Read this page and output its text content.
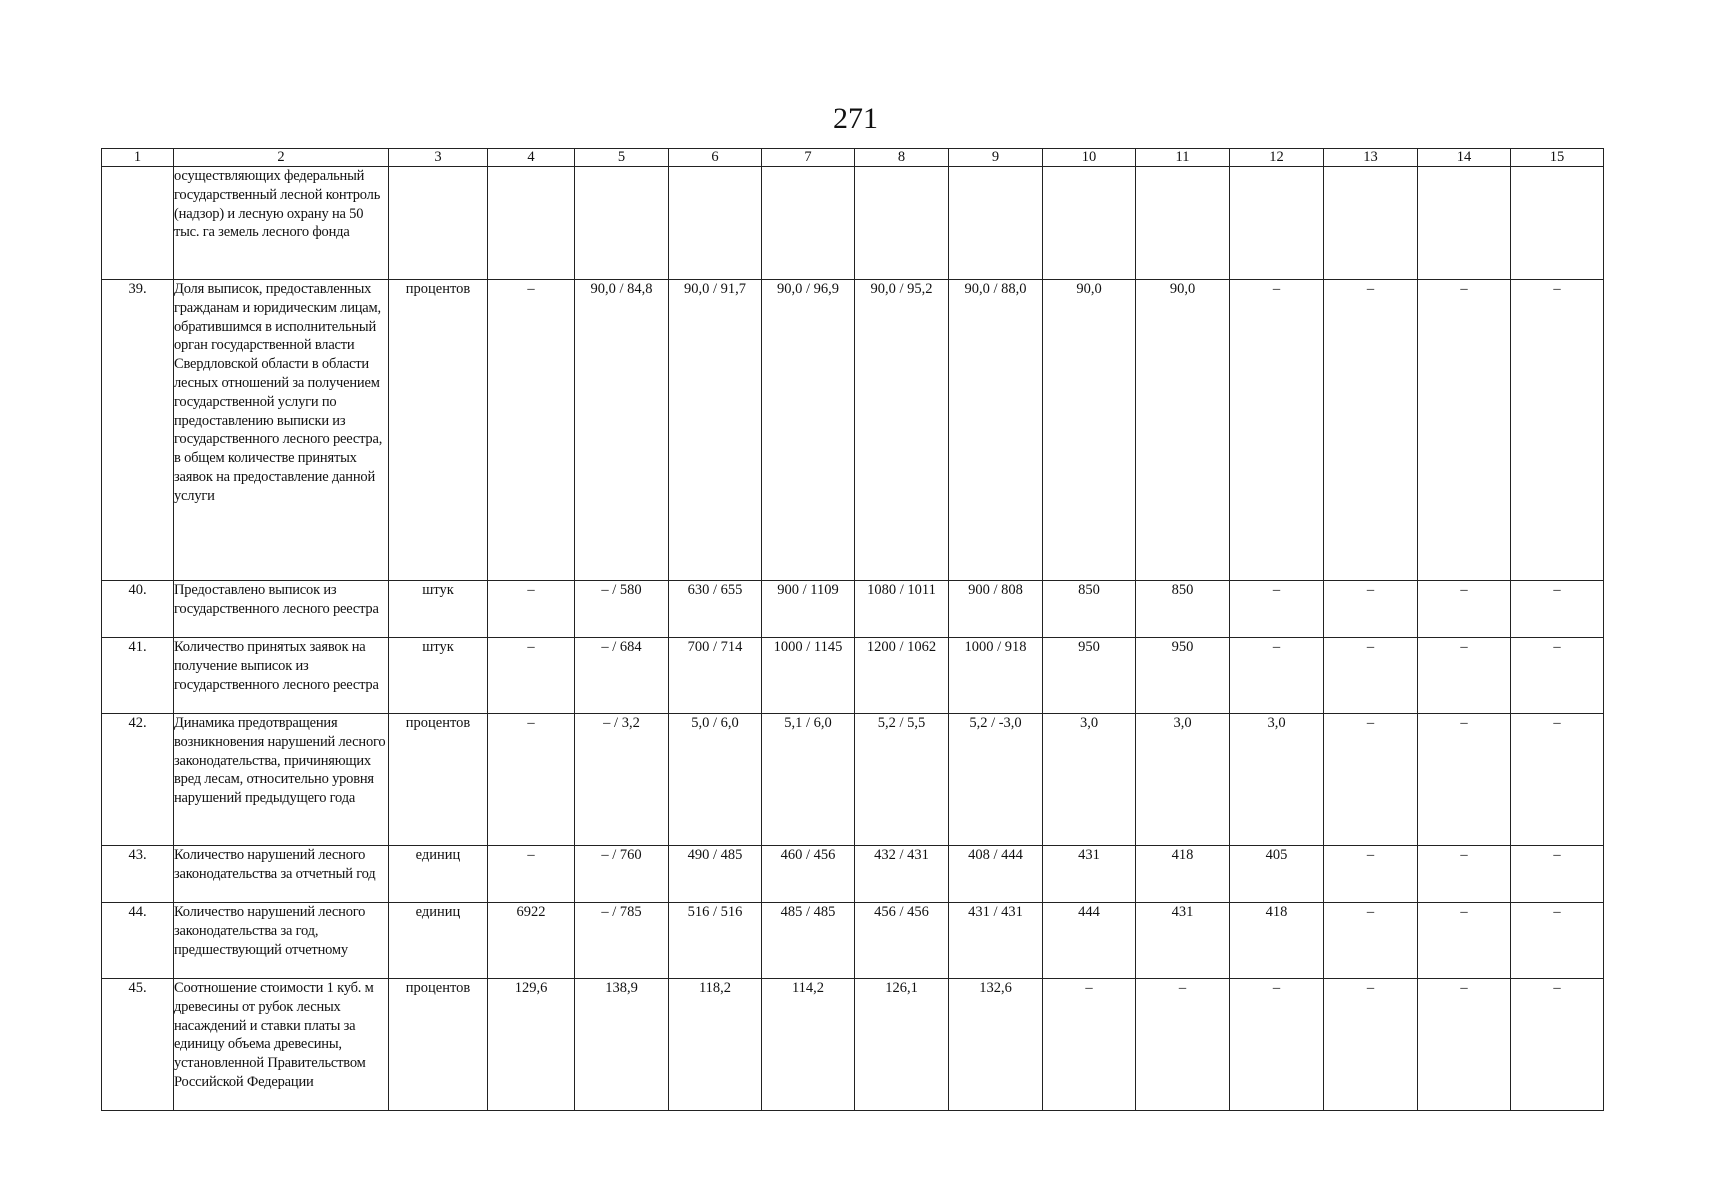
271
1	2	3	4	5	6	7	8	9	10	11	12	13	14	15
	осуществляющих федеральный государственный лесной контроль (надзор) и лесную охрану на 50 тыс. га земель лесного фонда													
39.	Доля выписок, предоставленных гражданам и юридическим лицам, обратившимся в исполнительный орган государственной власти Свердловской области в области лесных отношений за получением государственной услуги по предоставлению выписки из государственного лесного реестра, в общем количестве принятых заявок на предоставление данной услуги	процентов	–	90,0 / 84,8	90,0 / 91,7	90,0 / 96,9	90,0 / 95,2	90,0 / 88,0	90,0	90,0	–	–	–	–
40.	Предоставлено выписок из государственного лесного реестра	штук	–	– / 580	630 / 655	900 / 1109	1080 / 1011	900 / 808	850	850	–	–	–	–
41.	Количество принятых заявок на получение выписок из государственного лесного реестра	штук	–	– / 684	700 / 714	1000 / 1145	1200 / 1062	1000 / 918	950	950	–	–	–	–
42.	Динамика предотвращения возникновения нарушений лесного законодательства, причиняющих вред лесам, относительно уровня нарушений предыдущего года	процентов	–	– / 3,2	5,0 / 6,0	5,1 / 6,0	5,2 / 5,5	5,2 / -3,0	3,0	3,0	3,0	–	–	–
43.	Количество нарушений лесного законодательства за отчетный год	единиц	–	– / 760	490 / 485	460 / 456	432 / 431	408 / 444	431	418	405	–	–	–
44.	Количество нарушений лесного законодательства за год, предшествующий отчетному	единиц	6922	– / 785	516 / 516	485 / 485	456 / 456	431 / 431	444	431	418	–	–	–
45.	Соотношение стоимости 1 куб. м древесины от рубок лесных насаждений и ставки платы за единицу объема древесины, установленной Правительством Российской Федерации	процентов	129,6	138,9	118,2	114,2	126,1	132,6	–	–	–	–	–	–
